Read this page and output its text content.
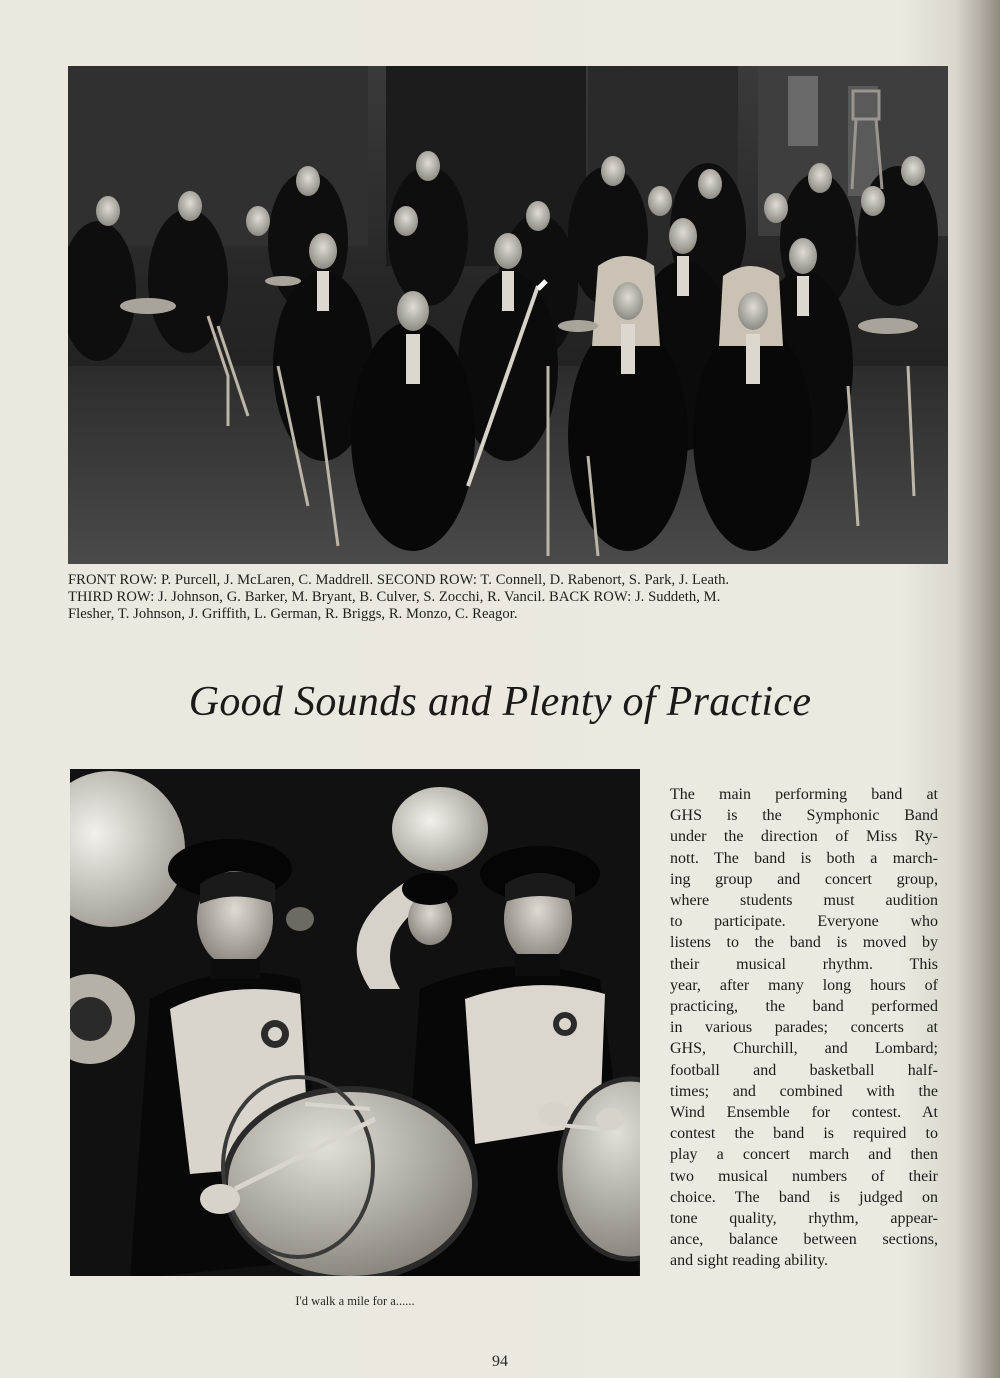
FRONT ROW: P. Purcell, J. McLaren, C. Maddrell. SECOND ROW: T. Connell, D. Rabenort, S. Park, J. Leath.
THIRD ROW: J. Johnson, G. Barker, M. Bryant, B. Culver, S. Zocchi, R. Vancil. BACK ROW: J. Suddeth, M.
Flesher, T. Johnson, J. Griffith, L. German, R. Briggs, R. Monzo, C. Reagor.
Good Sounds and Plenty of Practice
The main performing band at
GHS is the Symphonic Band
under the direction of Miss Ry-
nott. The band is both a march-
ing group and concert group,
where students must audition
to participate. Everyone who
listens to the band is moved by
their musical rhythm. This
year, after many long hours of
practicing, the band performed
in various parades; concerts at
GHS, Churchill, and Lombard;
football and basketball half-
times; and combined with the
Wind Ensemble for contest. At
contest the band is required to
play a concert march and then
two musical numbers of their
choice. The band is judged on
tone quality, rhythm, appear-
ance, balance between sections,
and sight reading ability.
I'd walk a mile for a......
94
